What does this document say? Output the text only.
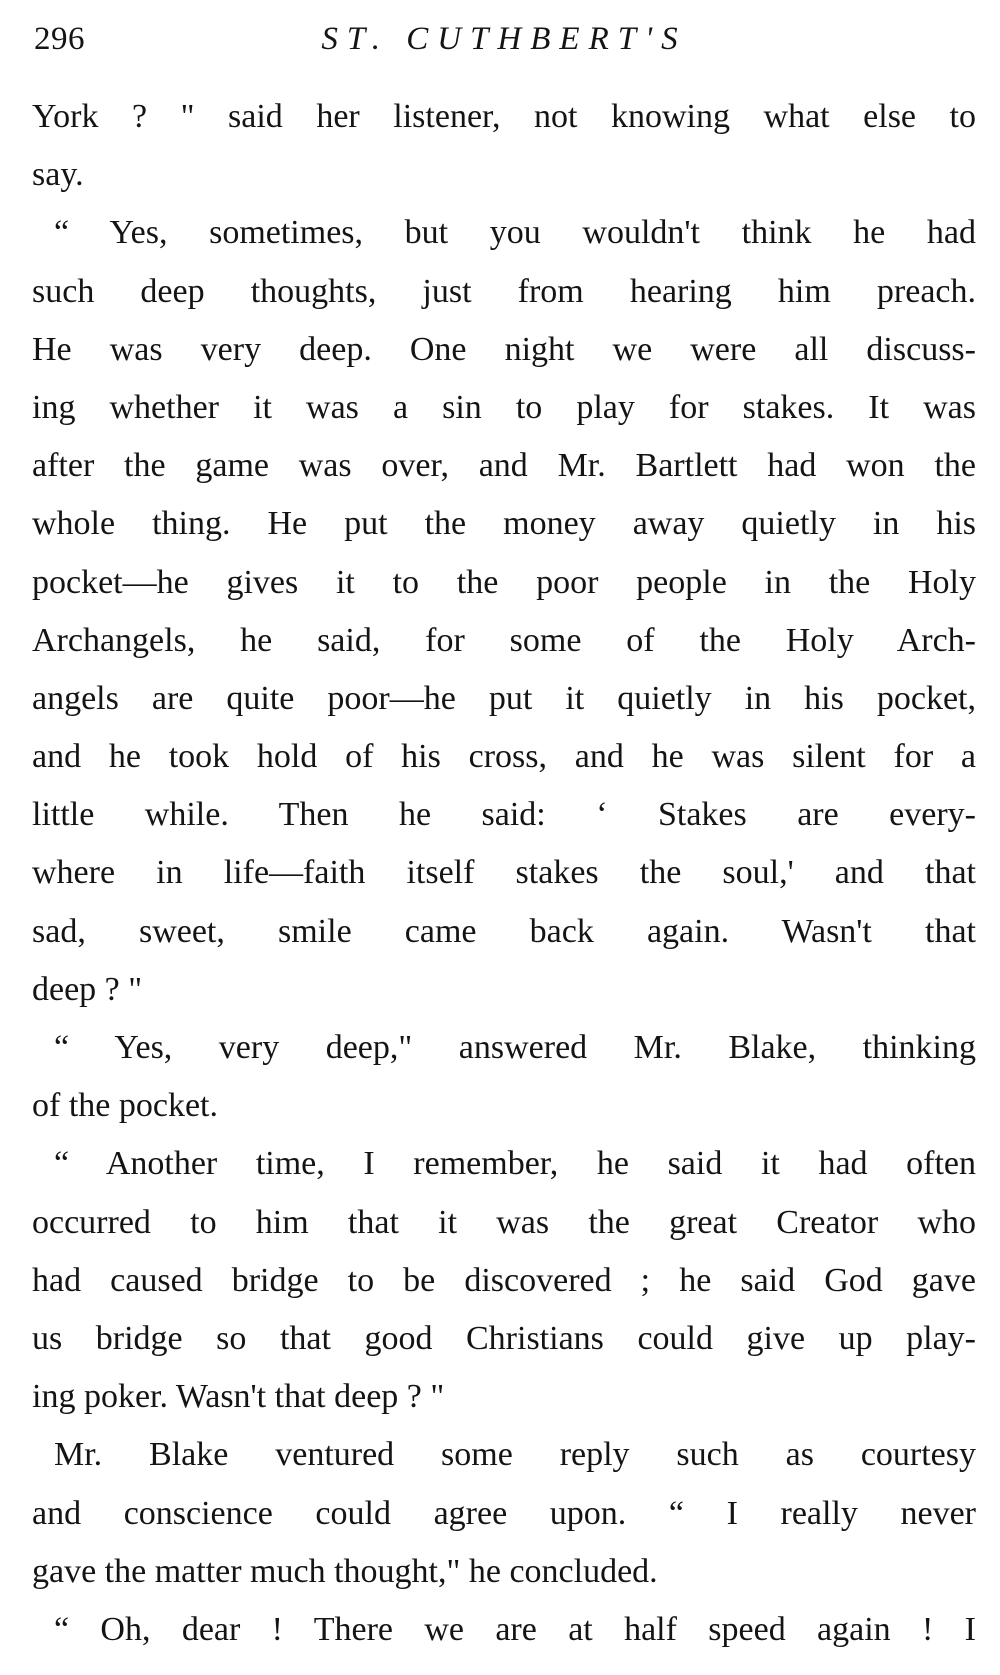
296	ST. CUTHBERT'S
York ? " said her listener, not knowing what else to
say.
“ Yes, sometimes, but you wouldn't think he had
such deep thoughts, just from hearing him preach.
He was very deep. One night we were all discuss-
ing whether it was a sin to play for stakes. It was
after the game was over, and Mr. Bartlett had won the
whole thing. He put the money away quietly in his
pocket—he gives it to the poor people in the Holy
Archangels, he said, for some of the Holy Arch-
angels are quite poor—he put it quietly in his pocket,
and he took hold of his cross, and he was silent for a
little while. Then he said: ‘ Stakes are every-
where in life—faith itself stakes the soul,' and that
sad, sweet, smile came back again. Wasn't that
deep ? "
“ Yes, very deep," answered Mr. Blake, thinking
of the pocket.
“ Another time, I remember, he said it had often
occurred to him that it was the great Creator who
had caused bridge to be discovered ; he said God gave
us bridge so that good Christians could give up play-
ing poker. Wasn't that deep ? "
Mr. Blake ventured some reply such as courtesy
and conscience could agree upon. “ I really never
gave the matter much thought," he concluded.
“ Oh, dear ! There we are at half speed again ! I
